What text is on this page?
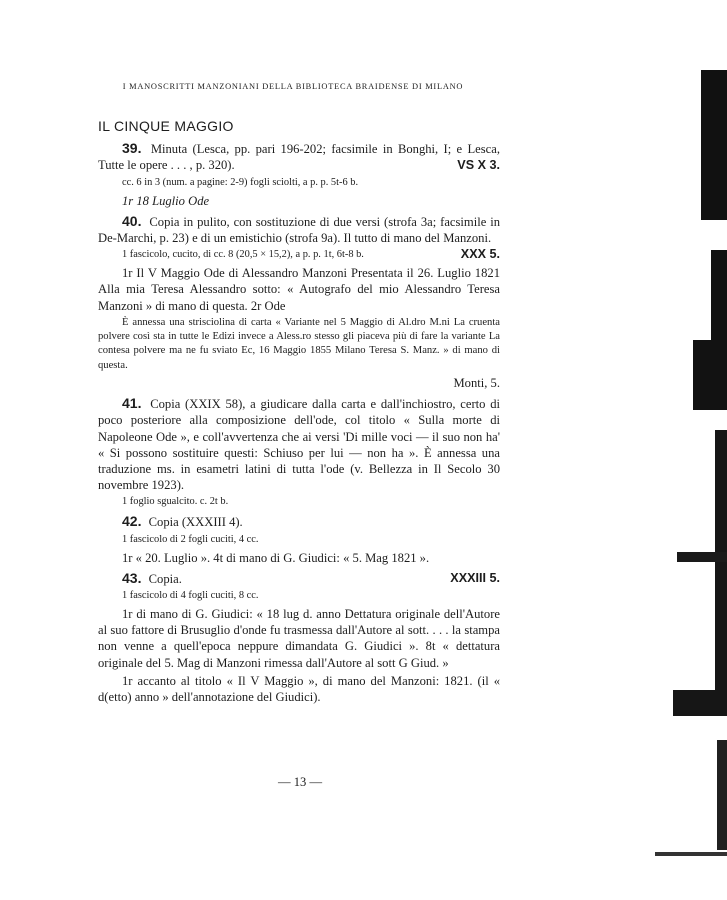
I MANOSCRITTI MANZONIANI DELLA BIBLIOTECA BRAIDENSE DI MILANO
IL CINQUE MAGGIO
39. Minuta (Lesca, pp. pari 196-202; facsimile in Bonghi, I; e Lesca, Tutte le opere . . . , p. 320).	VS X 3.
cc. 6 in 3 (num. a pagine: 2-9) fogli sciolti, a p. p. 5t-6 b.
1r 18 Luglio Ode
40. Copia in pulito, con sostituzione di due versi (strofa 3a; facsimile in De-Marchi, p. 23) e di un emistichio (strofa 9a). Il tutto di mano del Manzoni.
XXX 5.
1 fascicolo, cucito, di cc. 8 (20,5 × 15,2), a p. p. 1t, 6t-8 b.
1r Il V Maggio Ode di Alessandro Manzoni Presentata il 26. Luglio 1821 Alla mia Teresa Alessandro sotto: « Autografo del mio Alessandro Teresa Manzoni » di mano di questa. 2r Ode
È annessa una strisciolina di carta « Variante nel 5 Maggio di Al.dro M.ni La cruenta polvere così sta in tutte le Edizi invece a Aless.ro stesso gli piaceva più di fare la variante La contesa polvere ma ne fu sviato Ec, 16 Maggio 1855 Milano Teresa S. Manz. » di mano di questa.
Monti, 5.
41. Copia (XXIX 58), a giudicare dalla carta e dall'inchiostro, certo di poco posteriore alla composizione dell'ode, col titolo « Sulla morte di Napoleone Ode », e coll'avvertenza che ai versi 'Di mille voci — il suo non ha' « Si possono sostituire questi: Schiuso per lui — non ha ». È annessa una traduzione ms. in esametri latini di tutta l'ode (v. Bellezza in Il Secolo 30 novembre 1923).
1 foglio sgualcito. c. 2t b.
42. Copia (XXXIII 4).
1 fascicolo di 2 fogli cuciti, 4 cc.
1r « 20. Luglio ». 4t di mano di G. Giudici: « 5. Mag 1821 ».
43. Copia.	XXXIII 5.
1 fascicolo di 4 fogli cuciti, 8 cc.
1r di mano di G. Giudici: « 18 lug d. anno Dettatura originale dell'Autore al suo fattore di Brusuglio d'onde fu trasmessa dall'Autore al sott. . . . la stampa non venne a quell'epoca neppure dimandata G. Giudici ». 8t « dettatura originale del 5. Mag di Manzoni rimessa dall'Autore al sott G Giud. »
1r accanto al titolo « Il V Maggio », di mano del Manzoni: 1821. (il « d(etto) anno » dell'annotazione del Giudici).
— 13 —
